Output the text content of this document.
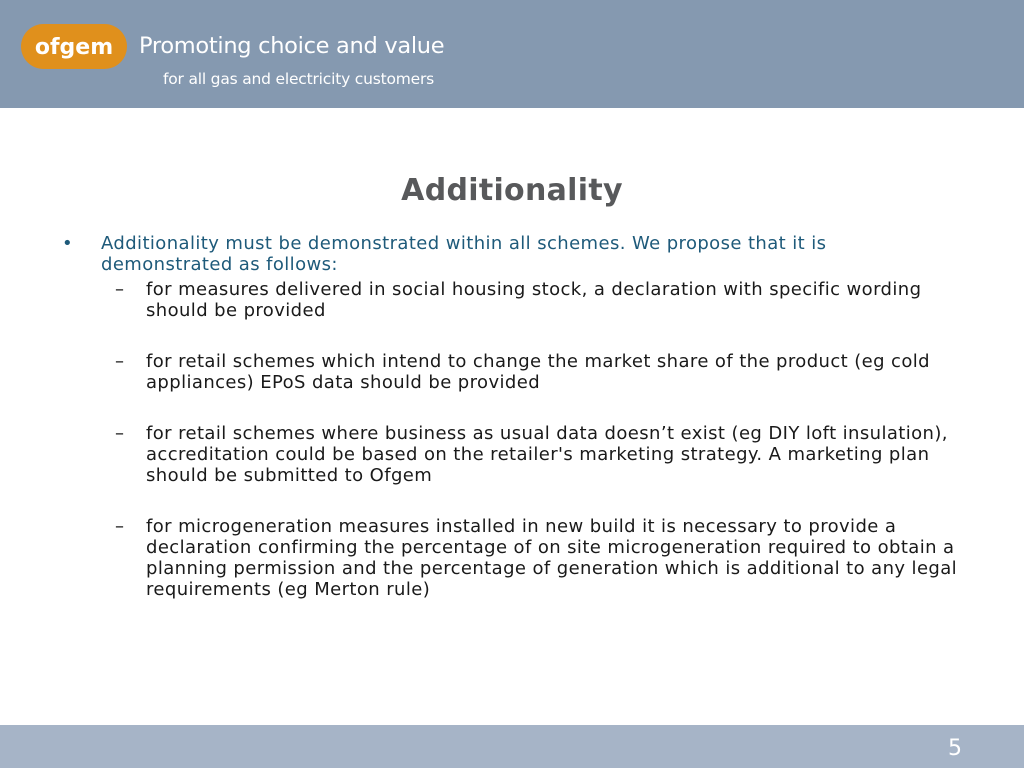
ofgem Promoting choice and value
for all gas and electricity customers
Additionality
• Additionality must be demonstrated within all schemes. We propose that it is demonstrated as follows:
– for measures delivered in social housing stock, a declaration with specific wording should be provided
– for retail schemes which intend to change the market share of the product (eg cold appliances) EPoS data should be provided
– for retail schemes where business as usual data doesn’t exist (eg DIY loft insulation), accreditation could be based on the retailer's marketing strategy. A marketing plan should be submitted to Ofgem
– for microgeneration measures installed in new build it is necessary to provide a declaration confirming the percentage of on site microgeneration required to obtain a planning permission and the percentage of generation which is additional to any legal requirements (eg Merton rule)
5
